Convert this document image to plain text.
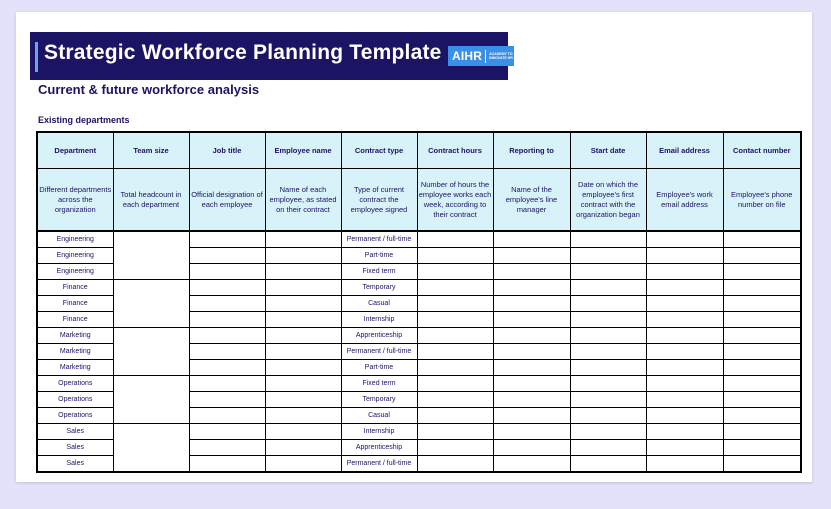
Strategic Workforce Planning Template AIHR ACADEMY TO
INNOVATE HR
Current & future workforce analysis
Existing departments
Department	Team size	Job title	Employee name	Contract type	Contract hours	Reporting to	Start date	Email address	Contact number
Different departments across the organization	Total headcount in each department	Official designation of each employee	Name of each employee, as stated on their contract	Type of current contract the employee signed	Number of hours the employee works each week, according to their contract	Name of the employee's line manager	Date on which the employee's first contract with the organization began	Employee's work email address	Employee's phone number on file
Engineering				Permanent / full-time					
Engineering				Part-time					
Engineering				Fixed term					
Finance				Temporary					
Finance				Casual					
Finance				Internship					
Marketing				Apprenticeship					
Marketing				Permanent / full-time					
Marketing				Part-time					
Operations				Fixed term					
Operations				Temporary					
Operations				Casual					
Sales				Internship					
Sales				Apprenticeship					
Sales				Permanent / full-time					
